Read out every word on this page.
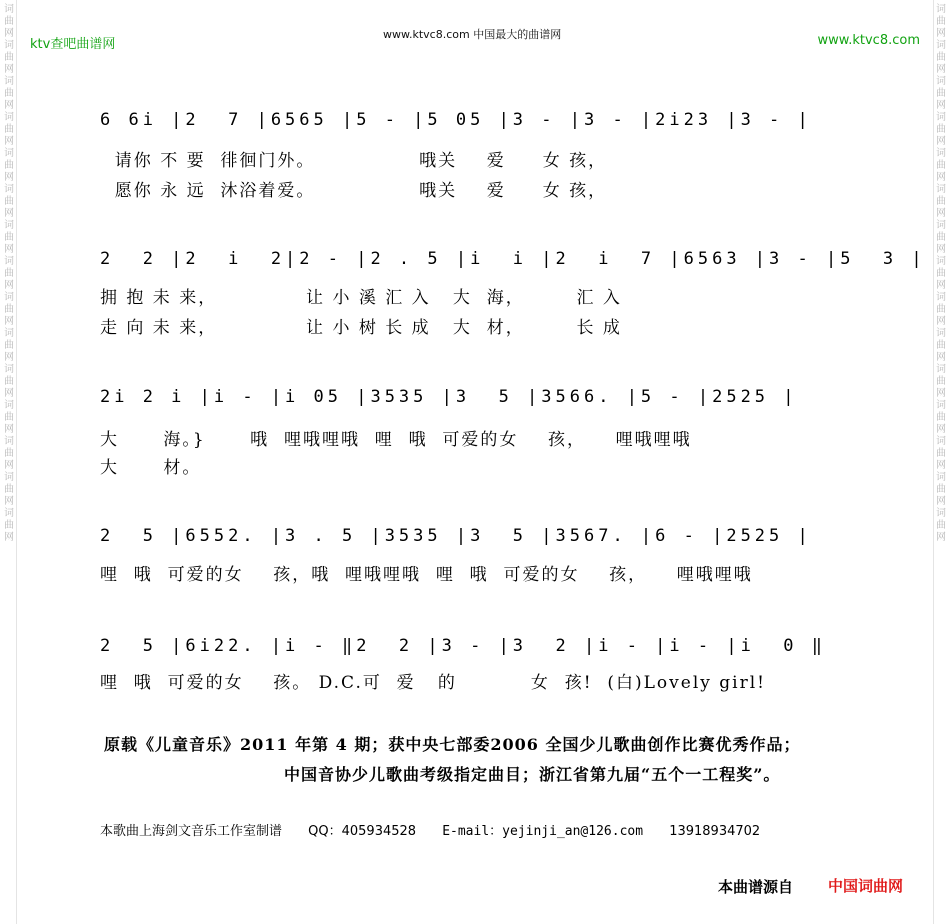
词曲网词曲网词曲网词曲网词曲网词曲网词曲网词曲网词曲网词曲网词曲网词曲网词曲网词曲网词曲网
词曲网词曲网词曲网词曲网词曲网词曲网词曲网词曲网词曲网词曲网词曲网词曲网词曲网词曲网词曲网
ktv查吧曲谱网
www.ktvc8.com 中国最大的曲谱网	www.ktvc8.com
6 6i |2  7 |6565 |5 - |5 05 |3 - |3 - |2i23 |3 - |
请你 不 要  徘徊门外。              哦关    爱     女 孩，
愿你 永 远  沐浴着爱。              哦关    爱     女 孩，
2  2 |2  i  2|2 - |2 . 5 |i  i |2  i  7 |6563 |3 - |5  3 |
拥 抱 未 来，            让 小 溪 汇 入   大  海，       汇 入
走 向 未 来，            让 小 树 长 成   大  材，       长 成
2i 2 i |i - |i 05 |3535 |3  5 |3566. |5 - |2525 |
大      海。}      哦  哩哦哩哦  哩  哦  可爱的女    孩，    哩哦哩哦
大      材。
2  5 |6552. |3 . 5 |3535 |3  5 |3567. |6 - |2525 |
哩  哦  可爱的女    孩，哦  哩哦哩哦  哩  哦  可爱的女    孩，    哩哦哩哦
2  5 |6i22. |i - ‖2  2 |3 - |3  2 |i - |i - |i  0 ‖
哩  哦  可爱的女    孩。 D.C.可  爱   的          女  孩!  (白)Lovely girl!
原载《儿童音乐》2011 年第 4 期；获中央七部委2006 全国少儿歌曲创作比赛优秀作品；
中国音协少儿歌曲考级指定曲目；浙江省第九届“五个一工程奖”。
本歌曲上海剑文音乐工作室制谱 QQ：405934528 E-mail：yejinji_an@126.com 13918934702
本曲谱源自 中国词曲网
